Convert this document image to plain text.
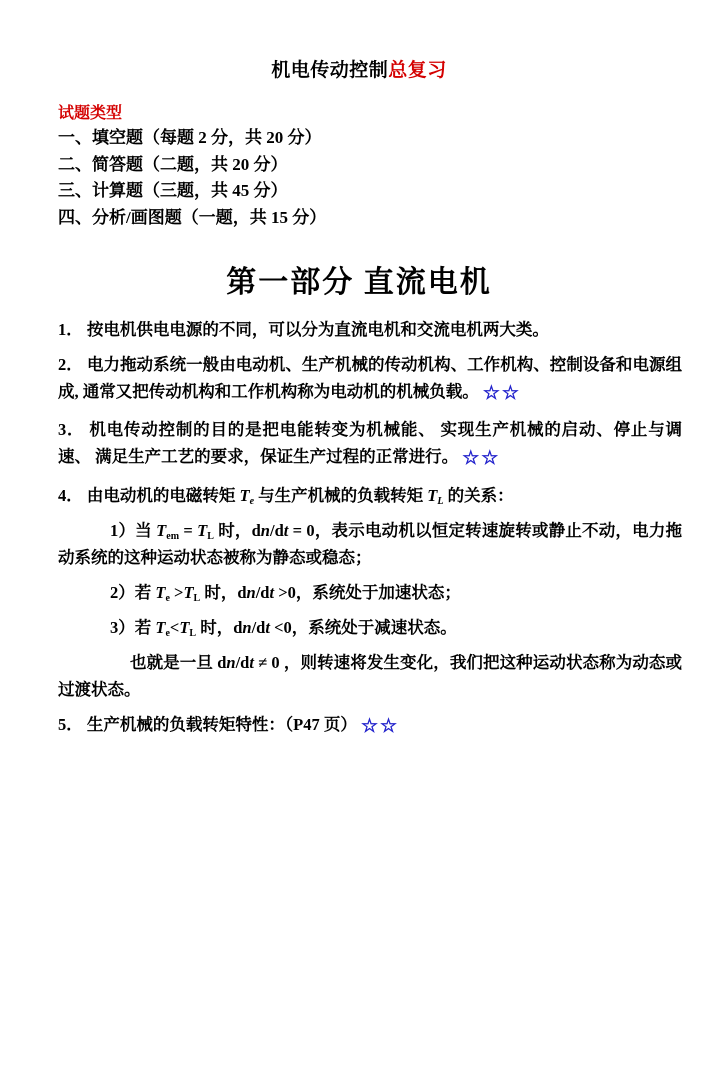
机电传动控制总复习
试题类型
一、填空题（每题 2 分，共 20 分）
二、简答题（二题，共 20 分）
三、计算题（三题，共 45 分）
四、分析/画图题（一题，共 15 分）
第一部分 直流电机
1． 按电机供电电源的不同，可以分为直流电机和交流电机两大类。
2． 电力拖动系统一般由电动机、生产机械的传动机构、工作机构、控制设备和电源组成, 通常又把传动机构和工作机构称为电动机的机械负载。 ☆☆
3． 机电传动控制的目的是把电能转变为机械能、 实现生产机械的启动、停止与调速、 满足生产工艺的要求，保证生产过程的正常进行。 ☆☆
4． 由电动机的电磁转矩 $T_e$ 与生产机械的负载转矩 $T_L$ 的关系：
1）当 $T_{em} = T_L$ 时，dn/dt = 0，表示电动机以恒定转速旋转或静止不动，电力拖动系统的这种运动状态被称为静态或稳态；
2）若 $T_e >T_L$ 时，dn/dt >0，系统处于加速状态；
3）若 $T_e<T_L$ 时，dn/dt <0，系统处于减速状态。
也就是一旦 dn/dt ≠ 0 ，则转速将发生变化，我们把这种运动状态称为动态或过渡状态。
5． 生产机械的负载转矩特性：（P47 页） ☆☆
